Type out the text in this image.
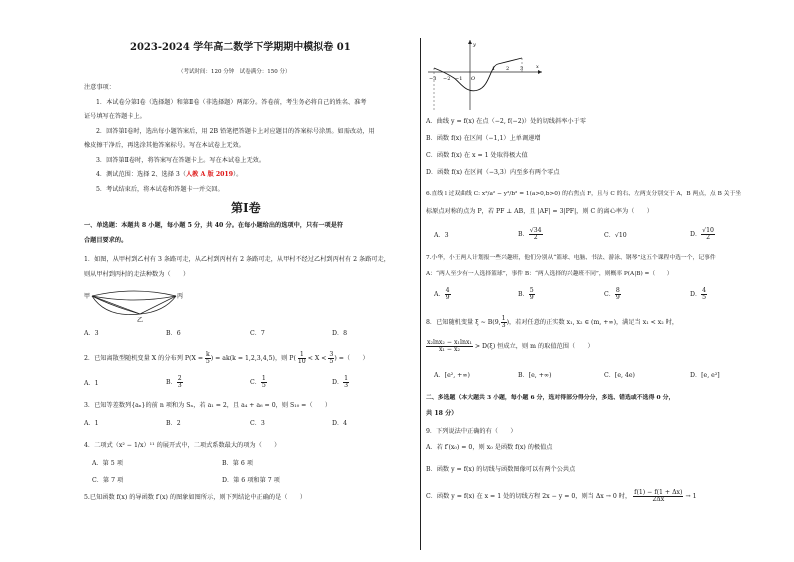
2023-2024 学年高二数学下学期期中模拟卷 01
（考试时间：120 分钟　试卷满分：150 分）
注意事项：
1．本试卷分第Ⅰ卷（选择题）和第Ⅱ卷（非选择题）两部分。答卷前，考生务必将自己的姓名、准考
证号填写在答题卡上。
2．回答第Ⅰ卷时，选出每小题答案后，用 2B 铅笔把答题卡上对应题目的答案标号涂黑。如需改动，用
橡皮擦干净后，再选涂其他答案标号。写在本试卷上无效。
3．回答第Ⅱ卷时，将答案写在答题卡上。写在本试卷上无效。
4．测试范围：选择 2、选择 3（人教 A 版 2019）。
5．考试结束后，将本试卷和答题卡一并交回。
第Ⅰ卷
一、单选题：本题共 8 小题，每小题 5 分，共 40 分。在每小题给出的选项中，只有一项是符
合题目要求的。
1．如图，从甲村到乙村有 3 条路可走，从乙村到丙村有 2 条路可走，从甲村不经过乙村到丙村有 2 条路可走，
则从甲村到丙村的走法种数为（　　）
甲	丙
乙
A．3	B．6	C．7	D．8
2．已知离散型随机变量 X 的分布列 $P(X = \frac{k}{5}$ ) = ak(k = 1,2,3,4,5)，则 $P( \frac{1}{10} < X < \frac{3}{5}$ ) =（　　）
A．1	B． $\frac{2}{3}$	C． $\frac{1}{5}$	D． $\frac{1}{3}$
3．已知等差数列{aₙ}的前 n 项和为 Sₙ，若 a₁ = 2，且 a₄ + a₆ = 0，则 S₁₀ =（　　）
A．1	B．2	C．3	D．4
4．二项式（x² − 1/x）¹¹ 的展开式中，二项式系数最大的项为（　　）
A．第 5 项	B．第 6 项
C．第 7 项	D．第 6 项和第 7 项
5.已知函数 f(x) 的导函数 f′(x) 的图象如图所示，则下列结论中正确的是（　　）
−3 −2 −1 O
1 2 3	x
y
A．曲线 y = f(x) 在点（−2, f(−2)）处的切线斜率小于零
B．函数 f(x) 在区间（−1,1）上单调递增
C．函数 f(x) 在 x = 1 处取得极大值
D．函数 f(x) 在区间（−3,3）内至多有两个零点
6.直线 l 过双曲线 C: x²/a² − y²/b² = 1(a>0,b>0) 的右焦点 F，且与 C 的右、左两支分别交于 A，B 两点，点 B 关于坐
标原点对称的点为 P，若 PF ⊥ AB，且 |AF| = 3|PF|，则 C 的离心率为（　　）
A．3	B． $\frac{√34}{2}$	C．√10	D． $\frac{√10}{2}$
7.小华，小王两人计划报一些兴趣班，他们分别从“篮球、电脑、书法、游泳、钢琴”这五个课程中选一个，记事件
A：“两人至少有一人选择篮球”，事件 B：“两人选择的兴趣班不同”，则概率 P(A|B) =（　　）
A． $\frac{4}{9}$	B． $\frac{5}{9}$	C． $\frac{8}{9}$	D． $\frac{4}{5}$
8．已知随机变量 ξ ~ B(9, $\frac{1}{3}$ )，若对任意的正实数 x₁, x₂ ∈ (m, +∞)，满足当 x₁ < x₂ 时，
$\frac{\text{x₂lnx₂ − x₁lnx₁}}{\text{x₁ − x₂}} > D(\xi)$ 恒成立，则 m 的取值范围（　　）
A．[e², +∞)	B．[e, +∞)	C．[e, 4e)	D．[e, e²]
二、多选题（本大题共 3 小题，每小题 6 分，选对得部分得分分，多选、错选或不选得 0 分，
共 18 分）
9．下列说法中正确的有（　　）
A．若 f′(x₀) = 0，则 x₀ 是函数 f(x) 的极值点
B．函数 y = f(x) 的切线与函数图像可以有两个公共点
C．函数 y = f(x) 在 x = 1 处的切线方程 2x − y = 0，则当 Δx → 0 时， $\frac{f(1) - f(1 + \Delta x)}{2\Delta x} \to 1$
